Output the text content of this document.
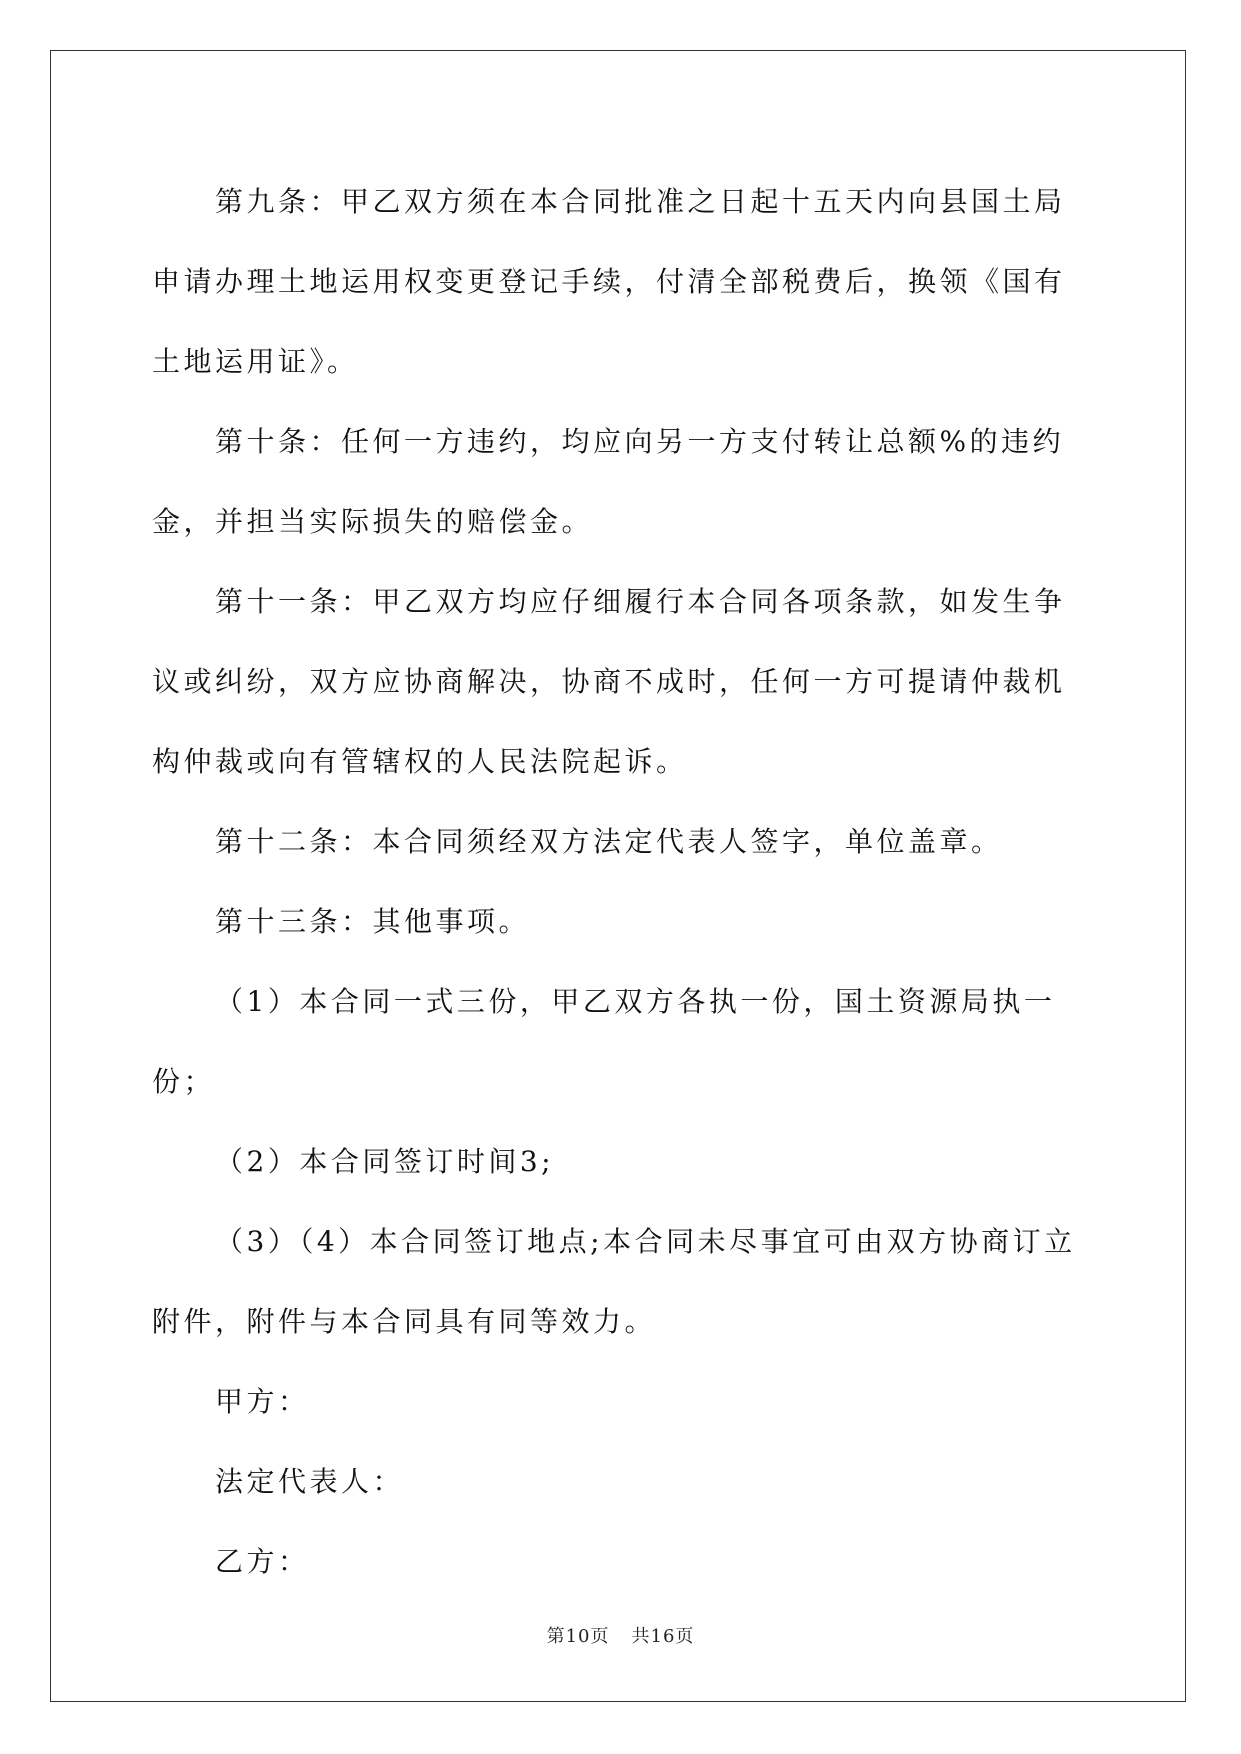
第九条：甲乙双方须在本合同批准之日起十五天内向县国土局申请办理土地运用权变更登记手续，付清全部税费后，换领《国有土地运用证》。

第十条：任何一方违约，均应向另一方支付转让总额%的违约金，并担当实际损失的赔偿金。

第十一条：甲乙双方均应仔细履行本合同各项条款，如发生争议或纠纷，双方应协商解决，协商不成时，任何一方可提请仲裁机构仲裁或向有管辖权的人民法院起诉。

第十二条：本合同须经双方法定代表人签字，单位盖章。

第十三条：其他事项。

（1）本合同一式三份，甲乙双方各执一份，国土资源局执一份；

（2）本合同签订时间3;

（3）（4）本合同签订地点;本合同未尽事宜可由双方协商订立附件，附件与本合同具有同等效力。

甲方：

法定代表人：

乙方：

第10页 共16页
